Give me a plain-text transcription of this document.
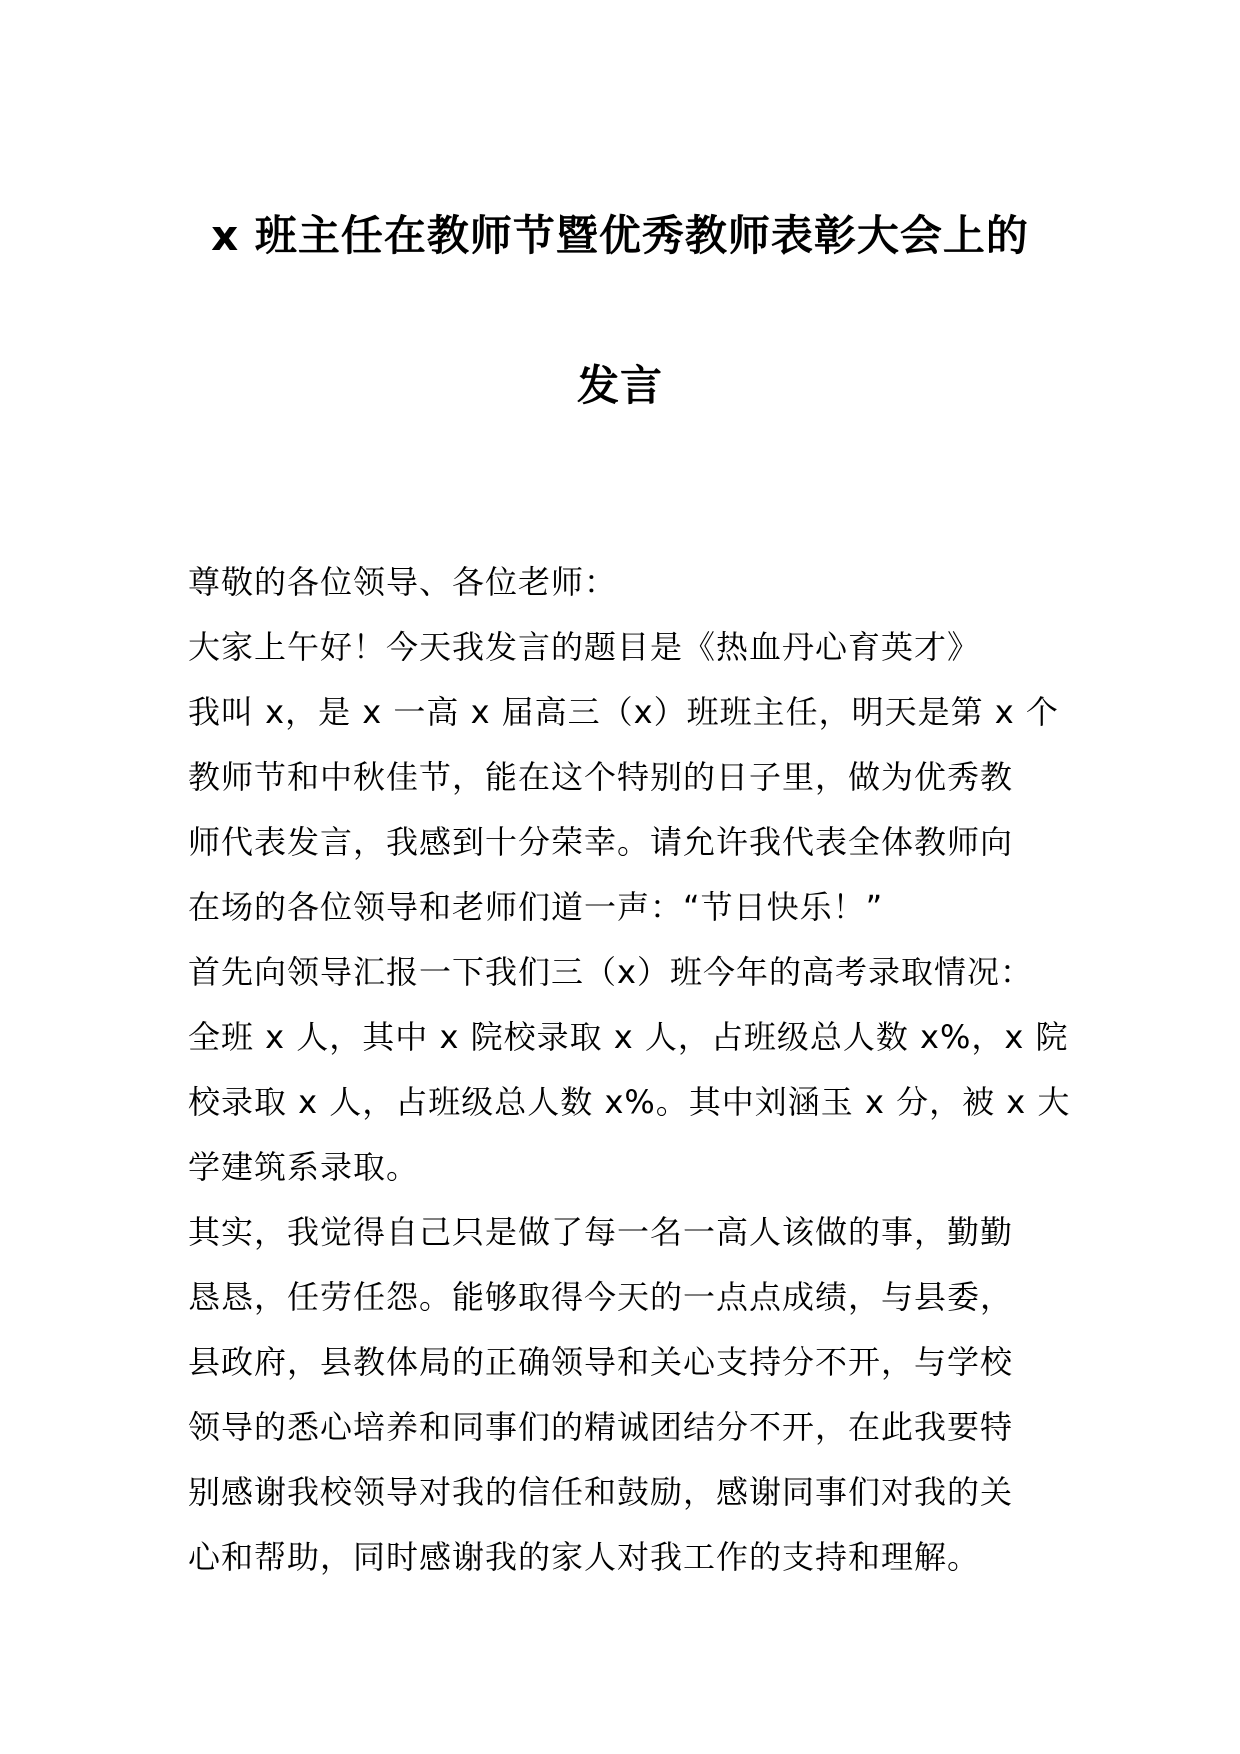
x 班主任在教师节暨优秀教师表彰大会上的
发言

尊敬的各位领导、各位老师：

大家上午好！今天我发言的题目是《热血丹心育英才》

我叫 x，是 x 一高 x 届高三（x）班班主任，明天是第 x 个

教师节和中秋佳节，能在这个特别的日子里，做为优秀教

师代表发言，我感到十分荣幸。请允许我代表全体教师向

在场的各位领导和老师们道一声：“节日快乐！”

首先向领导汇报一下我们三（x）班今年的高考录取情况：

全班 x 人，其中 x 院校录取 x 人，占班级总人数 x%，x 院

校录取 x 人，占班级总人数 x%。其中刘涵玉 x 分，被 x 大

学建筑系录取。

其实，我觉得自己只是做了每一名一高人该做的事，勤勤

恳恳，任劳任怨。能够取得今天的一点点成绩，与县委，

县政府，县教体局的正确领导和关心支持分不开，与学校

领导的悉心培养和同事们的精诚团结分不开，在此我要特

别感谢我校领导对我的信任和鼓励，感谢同事们对我的关

心和帮助，同时感谢我的家人对我工作的支持和理解。
